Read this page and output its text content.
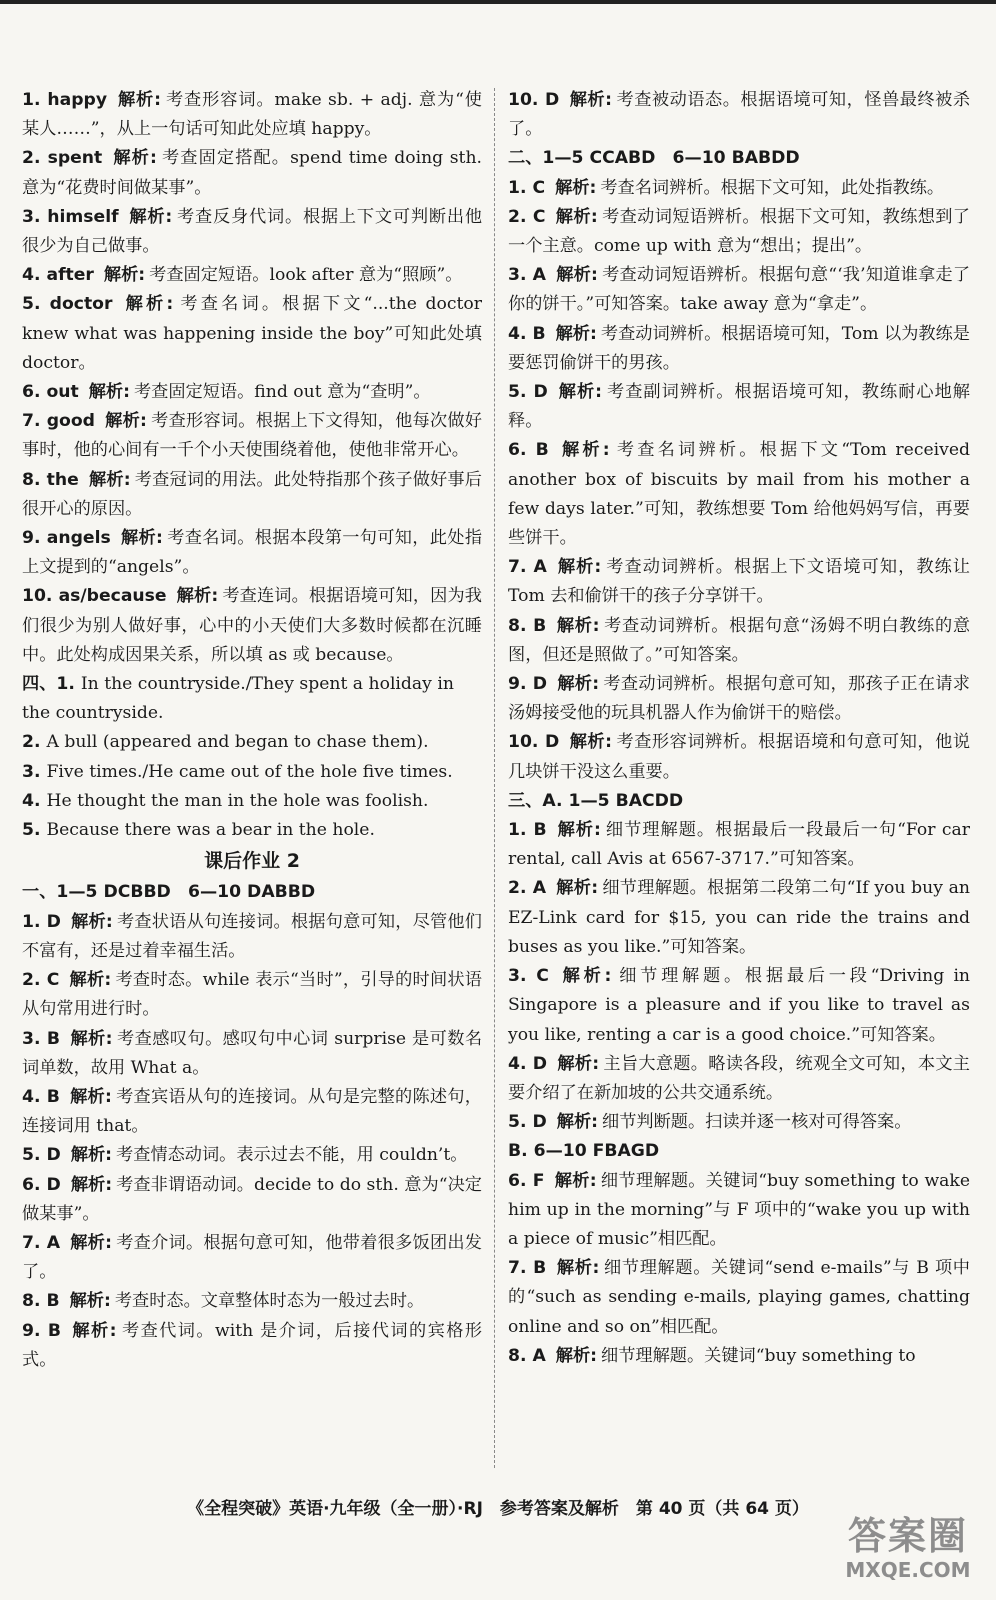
1. happy 解析: 考查形容词。make sb. + adj. 意为“使某人……”，从上一句话可知此处应填 happy。

2. spent 解析: 考查固定搭配。spend time doing sth. 意为“花费时间做某事”。

3. himself 解析: 考查反身代词。根据上下文可判断出他很少为自己做事。

4. after 解析: 考查固定短语。look after 意为“照顾”。

5. doctor 解析: 考查名词。根据下文“...the doctor knew what was happening inside the boy”可知此处填 doctor。

6. out 解析: 考查固定短语。find out 意为“查明”。

7. good 解析: 考查形容词。根据上下文得知，他每次做好事时，他的心间有一千个小天使围绕着他，使他非常开心。

8. the 解析: 考查冠词的用法。此处特指那个孩子做好事后很开心的原因。

9. angels 解析: 考查名词。根据本段第一句可知，此处指上文提到的“angels”。

10. as/because 解析: 考查连词。根据语境可知，因为我们很少为别人做好事，心中的小天使们大多数时候都在沉睡中。此处构成因果关系，所以填 as 或 because。

四、1. In the countryside./They spent a holiday in the countryside.

2. A bull (appeared and began to chase them).

3. Five times./He came out of the hole five times.

4. He thought the man in the hole was foolish.

5. Because there was a bear in the hole.

课后作业 2

一、1—5 DCBBD　6—10 DABBD

1. D 解析: 考查状语从句连接词。根据句意可知，尽管他们不富有，还是过着幸福生活。

2. C 解析: 考查时态。while 表示“当时”，引导的时间状语从句常用进行时。

3. B 解析: 考查感叹句。感叹句中心词 surprise 是可数名词单数，故用 What a。

4. B 解析: 考查宾语从句的连接词。从句是完整的陈述句，连接词用 that。

5. D 解析: 考查情态动词。表示过去不能，用 couldn’t。

6. D 解析: 考查非谓语动词。decide to do sth. 意为“决定做某事”。

7. A 解析: 考查介词。根据句意可知，他带着很多饭团出发了。

8. B 解析: 考查时态。文章整体时态为一般过去时。

9. B 解析: 考查代词。with 是介词，后接代词的宾格形式。

10. D 解析: 考查被动语态。根据语境可知，怪兽最终被杀了。

二、1—5 CCABD　6—10 BABDD

1. C 解析: 考查名词辨析。根据下文可知，此处指教练。

2. C 解析: 考查动词短语辨析。根据下文可知，教练想到了一个主意。come up with 意为“想出；提出”。

3. A 解析: 考查动词短语辨析。根据句意“‘我’知道谁拿走了你的饼干。”可知答案。take away 意为“拿走”。

4. B 解析: 考查动词辨析。根据语境可知，Tom 以为教练是要惩罚偷饼干的男孩。

5. D 解析: 考查副词辨析。根据语境可知，教练耐心地解释。

6. B 解析: 考查名词辨析。根据下文“Tom received another box of biscuits by mail from his mother a few days later.”可知，教练想要 Tom 给他妈妈写信，再要些饼干。

7. A 解析: 考查动词辨析。根据上下文语境可知，教练让 Tom 去和偷饼干的孩子分享饼干。

8. B 解析: 考查动词辨析。根据句意“汤姆不明白教练的意图，但还是照做了。”可知答案。

9. D 解析: 考查动词辨析。根据句意可知，那孩子正在请求汤姆接受他的玩具机器人作为偷饼干的赔偿。

10. D 解析: 考查形容词辨析。根据语境和句意可知，他说几块饼干没这么重要。

三、A. 1—5 BACDD

1. B 解析: 细节理解题。根据最后一段最后一句“For car rental, call Avis at 6567-3717.”可知答案。

2. A 解析: 细节理解题。根据第二段第二句“If you buy an EZ-Link card for $15, you can ride the trains and buses as you like.”可知答案。

3. C 解析: 细节理解题。根据最后一段“Driving in Singapore is a pleasure and if you like to travel as you like, renting a car is a good choice.”可知答案。

4. D 解析: 主旨大意题。略读各段，统观全文可知，本文主要介绍了在新加坡的公共交通系统。

5. D 解析: 细节判断题。扫读并逐一核对可得答案。

B. 6—10 FBAGD

6. F 解析: 细节理解题。关键词“buy something to wake him up in the morning”与 F 项中的“wake you up with a piece of music”相匹配。

7. B 解析: 细节理解题。关键词“send e-mails”与 B 项中的“such as sending e-mails, playing games, chatting online and so on”相匹配。

8. A 解析: 细节理解题。关键词“buy something to

《全程突破》英语·九年级（全一册）·RJ　参考答案及解析　第 40 页（共 64 页）
答案圈
MXQE.COM
